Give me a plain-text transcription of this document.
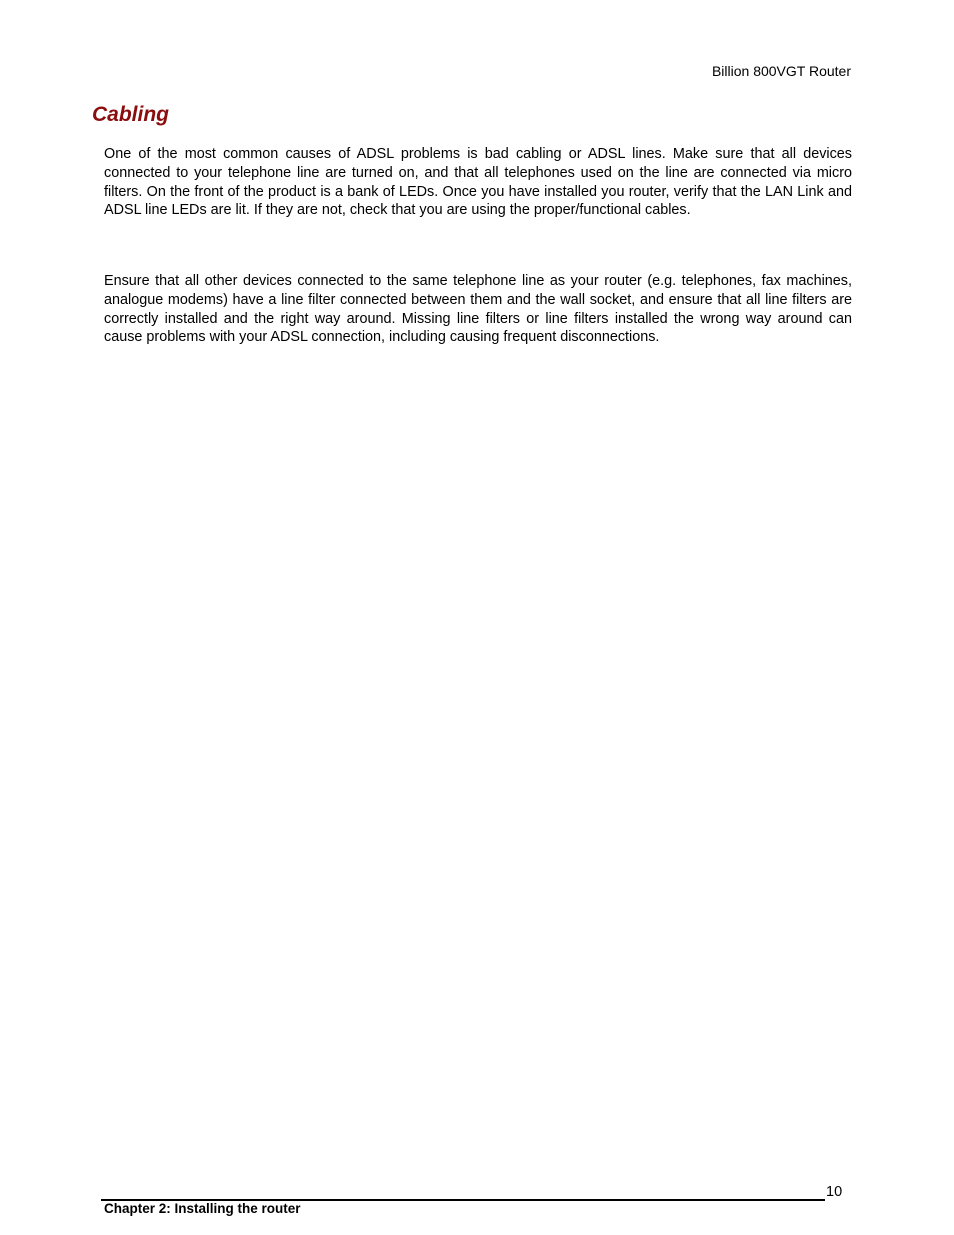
Billion 800VGT Router
Cabling

One of the most common causes of ADSL problems is bad cabling or ADSL lines. Make sure that all devices connected to your telephone line are turned on, and that all telephones used on the line are connected via micro filters. On the front of the product is a bank of LEDs. Once you have installed you router, verify that the LAN Link and ADSL line LEDs are lit. If they are not, check that you are using the proper/functional cables.

Ensure that all other devices connected to the same telephone line as your router (e.g. telephones, fax machines, analogue modems) have a line filter connected between them and the wall socket, and ensure that all line filters are correctly installed and the right way around. Missing line filters or line filters installed the wrong way around can cause problems with your ADSL connection, including causing frequent disconnections.

10
Chapter 2: Installing the router
